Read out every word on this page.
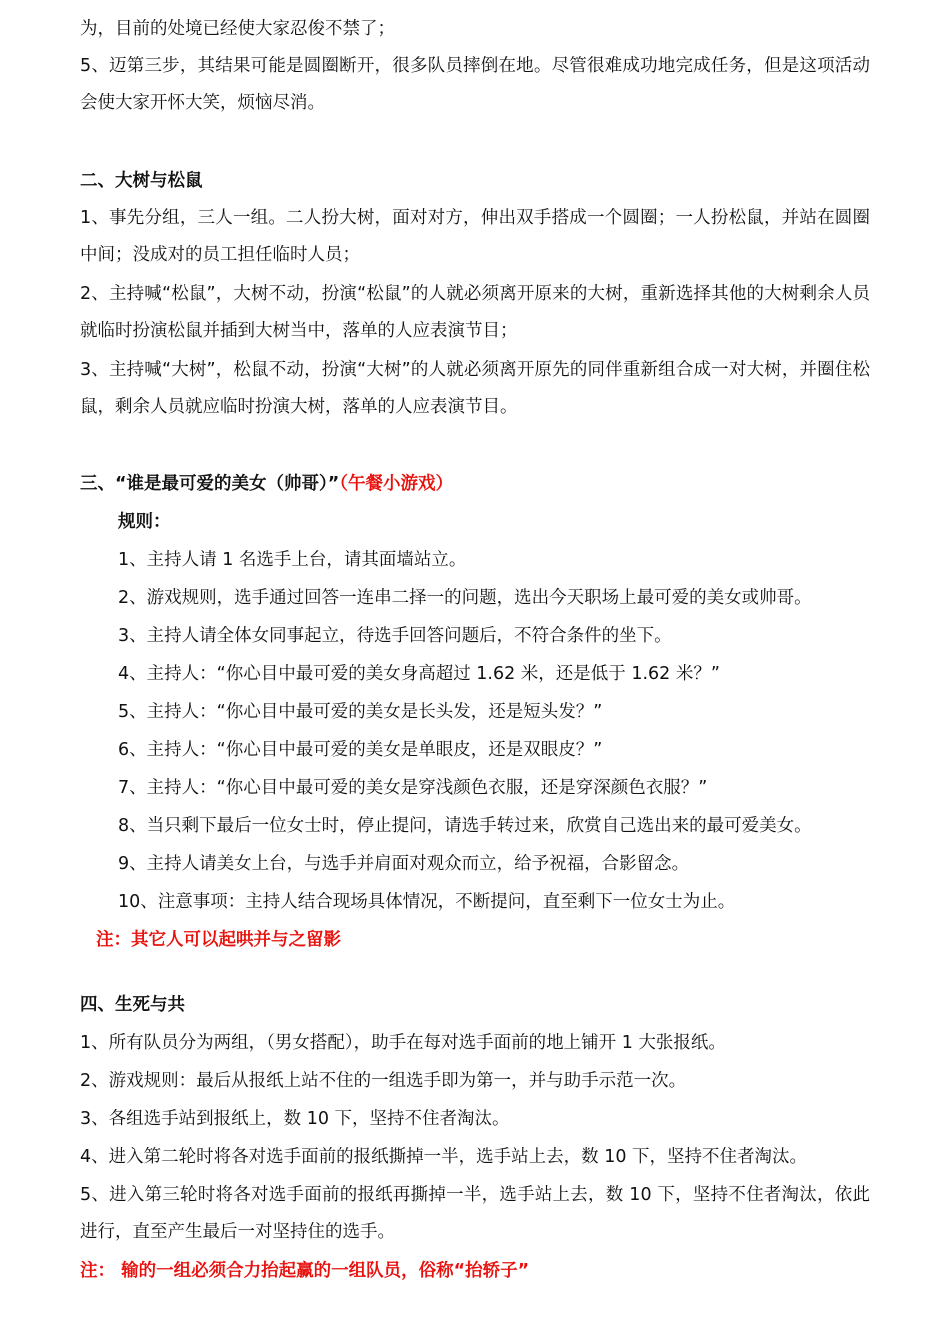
为，目前的处境已经使大家忍俊不禁了；

5、迈第三步，其结果可能是圆圈断开，很多队员摔倒在地。尽管很难成功地完成任务，但是这项活动会使大家开怀大笑，烦恼尽消。

二、大树与松鼠

1、事先分组，三人一组。二人扮大树，面对对方，伸出双手搭成一个圆圈；一人扮松鼠，并站在圆圈中间；没成对的员工担任临时人员；

2、主持喊“松鼠”，大树不动，扮演“松鼠”的人就必须离开原来的大树，重新选择其他的大树剩余人员就临时扮演松鼠并插到大树当中，落单的人应表演节目；

3、主持喊“大树”，松鼠不动，扮演“大树”的人就必须离开原先的同伴重新组合成一对大树，并圈住松鼠，剩余人员就应临时扮演大树，落单的人应表演节目。

三、“谁是最可爱的美女（帅哥）”（午餐小游戏）

规则：

1、主持人请 1 名选手上台，请其面墙站立。

2、游戏规则，选手通过回答一连串二择一的问题，选出今天职场上最可爱的美女或帅哥。

3、主持人请全体女同事起立，待选手回答问题后，不符合条件的坐下。

4、主持人：“你心目中最可爱的美女身高超过 1.62 米，还是低于 1.62 米？”

5、主持人：“你心目中最可爱的美女是长头发，还是短头发？”

6、主持人：“你心目中最可爱的美女是单眼皮，还是双眼皮？”

7、主持人：“你心目中最可爱的美女是穿浅颜色衣服，还是穿深颜色衣服？”

8、当只剩下最后一位女士时，停止提问，请选手转过来，欣赏自己选出来的最可爱美女。

9、主持人请美女上台，与选手并肩面对观众而立，给予祝福，合影留念。

10、注意事项：主持人结合现场具体情况，不断提问，直至剩下一位女士为止。

注：其它人可以起哄并与之留影

四、生死与共

1、所有队员分为两组，（男女搭配），助手在每对选手面前的地上铺开 1 大张报纸。

2、游戏规则：最后从报纸上站不住的一组选手即为第一，并与助手示范一次。

3、各组选手站到报纸上，数 10 下，坚持不住者淘汰。

4、进入第二轮时将各对选手面前的报纸撕掉一半，选手站上去，数 10 下，坚持不住者淘汰。

5、进入第三轮时将各对选手面前的报纸再撕掉一半，选手站上去，数 10 下，坚持不住者淘汰，依此进行，直至产生最后一对坚持住的选手。

注： 输的一组必须合力抬起赢的一组队员，俗称“抬轿子”
